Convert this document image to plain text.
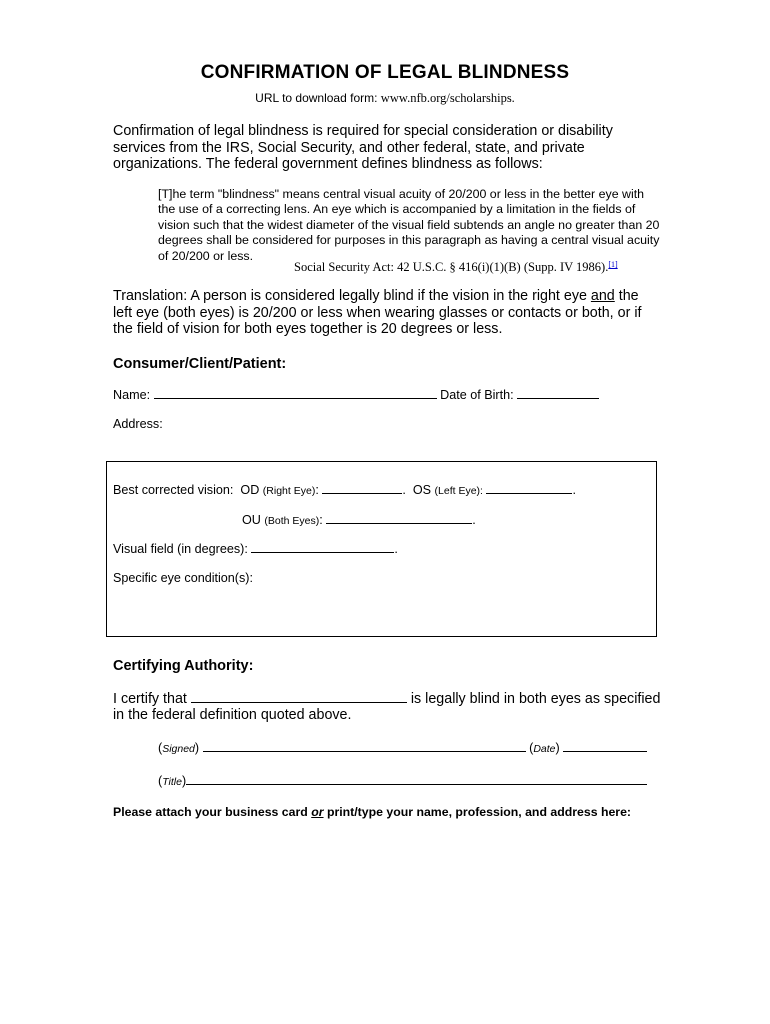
CONFIRMATION OF LEGAL BLINDNESS
URL to download form: www.nfb.org/scholarships.
Confirmation of legal blindness is required for special consideration or disability services from the IRS, Social Security, and other federal, state, and private organizations. The federal government defines blindness as follows:
[T]he term "blindness" means central visual acuity of 20/200 or less in the better eye with the use of a correcting lens. An eye which is accompanied by a limitation in the fields of vision such that the widest diameter of the visual field subtends an angle no greater than 20 degrees shall be considered for purposes in this paragraph as having a central visual acuity of 20/200 or less.
Social Security Act: 42 U.S.C. § 416(i)(1)(B) (Supp. IV 1986).[1]
Translation: A person is considered legally blind if the vision in the right eye and the left eye (both eyes) is 20/200 or less when wearing glasses or contacts or both, or if the field of vision for both eyes together is 20 degrees or less.
Consumer/Client/Patient:
Name:	Date of Birth:
Address:
Best corrected vision: OD (Right Eye):	.  OS (Left Eye):	.
OU (Both Eyes):	.
Visual field (in degrees):	.
Specific eye condition(s):
Certifying Authority:
I certify that	is legally blind in both eyes as specified
in the federal definition quoted above.
(Signed)	(Date)
(Title)
Please attach your business card or print/type your name, profession, and address here:
